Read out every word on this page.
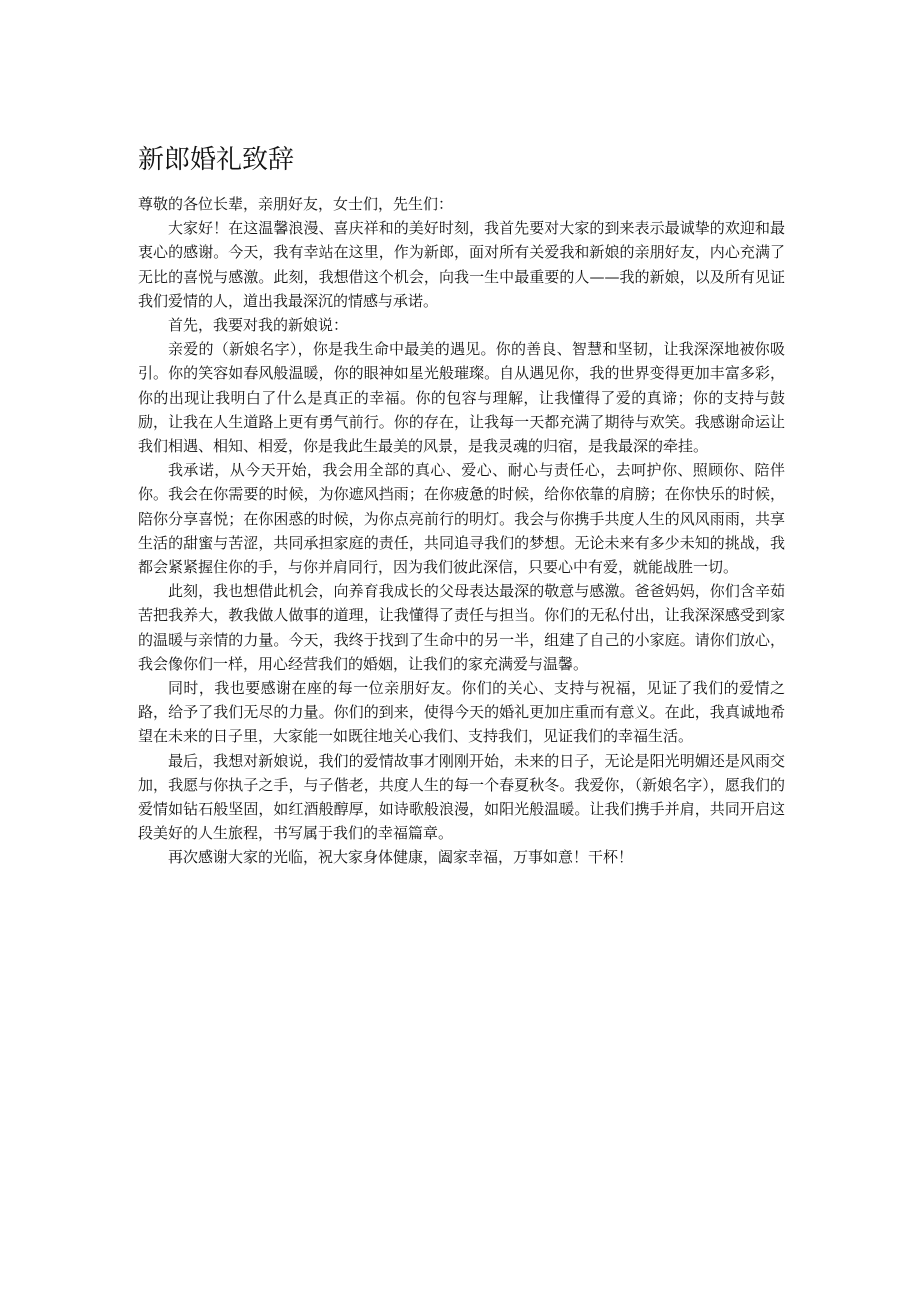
新郎婚礼致辞

尊敬的各位长辈，亲朋好友，女士们，先生们：

大家好！在这温馨浪漫、喜庆祥和的美好时刻，我首先要对大家的到来表示最诚挚的欢迎和最衷心的感谢。今天，我有幸站在这里，作为新郎，面对所有关爱我和新娘的亲朋好友，内心充满了无比的喜悦与感激。此刻，我想借这个机会，向我一生中最重要的人——我的新娘，以及所有见证我们爱情的人，道出我最深沉的情感与承诺。

首先，我要对我的新娘说：

亲爱的（新娘名字），你是我生命中最美的遇见。你的善良、智慧和坚韧，让我深深地被你吸引。你的笑容如春风般温暖，你的眼神如星光般璀璨。自从遇见你，我的世界变得更加丰富多彩，你的出现让我明白了什么是真正的幸福。你的包容与理解，让我懂得了爱的真谛；你的支持与鼓励，让我在人生道路上更有勇气前行。你的存在，让我每一天都充满了期待与欢笑。我感谢命运让我们相遇、相知、相爱，你是我此生最美的风景，是我灵魂的归宿，是我最深的牵挂。

我承诺，从今天开始，我会用全部的真心、爱心、耐心与责任心，去呵护你、照顾你、陪伴你。我会在你需要的时候，为你遮风挡雨；在你疲惫的时候，给你依靠的肩膀；在你快乐的时候，陪你分享喜悦；在你困惑的时候，为你点亮前行的明灯。我会与你携手共度人生的风风雨雨，共享生活的甜蜜与苦涩，共同承担家庭的责任，共同追寻我们的梦想。无论未来有多少未知的挑战，我都会紧紧握住你的手，与你并肩同行，因为我们彼此深信，只要心中有爱，就能战胜一切。

此刻，我也想借此机会，向养育我成长的父母表达最深的敬意与感激。爸爸妈妈，你们含辛茹苦把我养大，教我做人做事的道理，让我懂得了责任与担当。你们的无私付出，让我深深感受到家的温暖与亲情的力量。今天，我终于找到了生命中的另一半，组建了自己的小家庭。请你们放心，我会像你们一样，用心经营我们的婚姻，让我们的家充满爱与温馨。

同时，我也要感谢在座的每一位亲朋好友。你们的关心、支持与祝福，见证了我们的爱情之路，给予了我们无尽的力量。你们的到来，使得今天的婚礼更加庄重而有意义。在此，我真诚地希望在未来的日子里，大家能一如既往地关心我们、支持我们，见证我们的幸福生活。

最后，我想对新娘说，我们的爱情故事才刚刚开始，未来的日子，无论是阳光明媚还是风雨交加，我愿与你执子之手，与子偕老，共度人生的每一个春夏秋冬。我爱你，（新娘名字），愿我们的爱情如钻石般坚固，如红酒般醇厚，如诗歌般浪漫，如阳光般温暖。让我们携手并肩，共同开启这段美好的人生旅程，书写属于我们的幸福篇章。

再次感谢大家的光临，祝大家身体健康，阖家幸福，万事如意！干杯！
